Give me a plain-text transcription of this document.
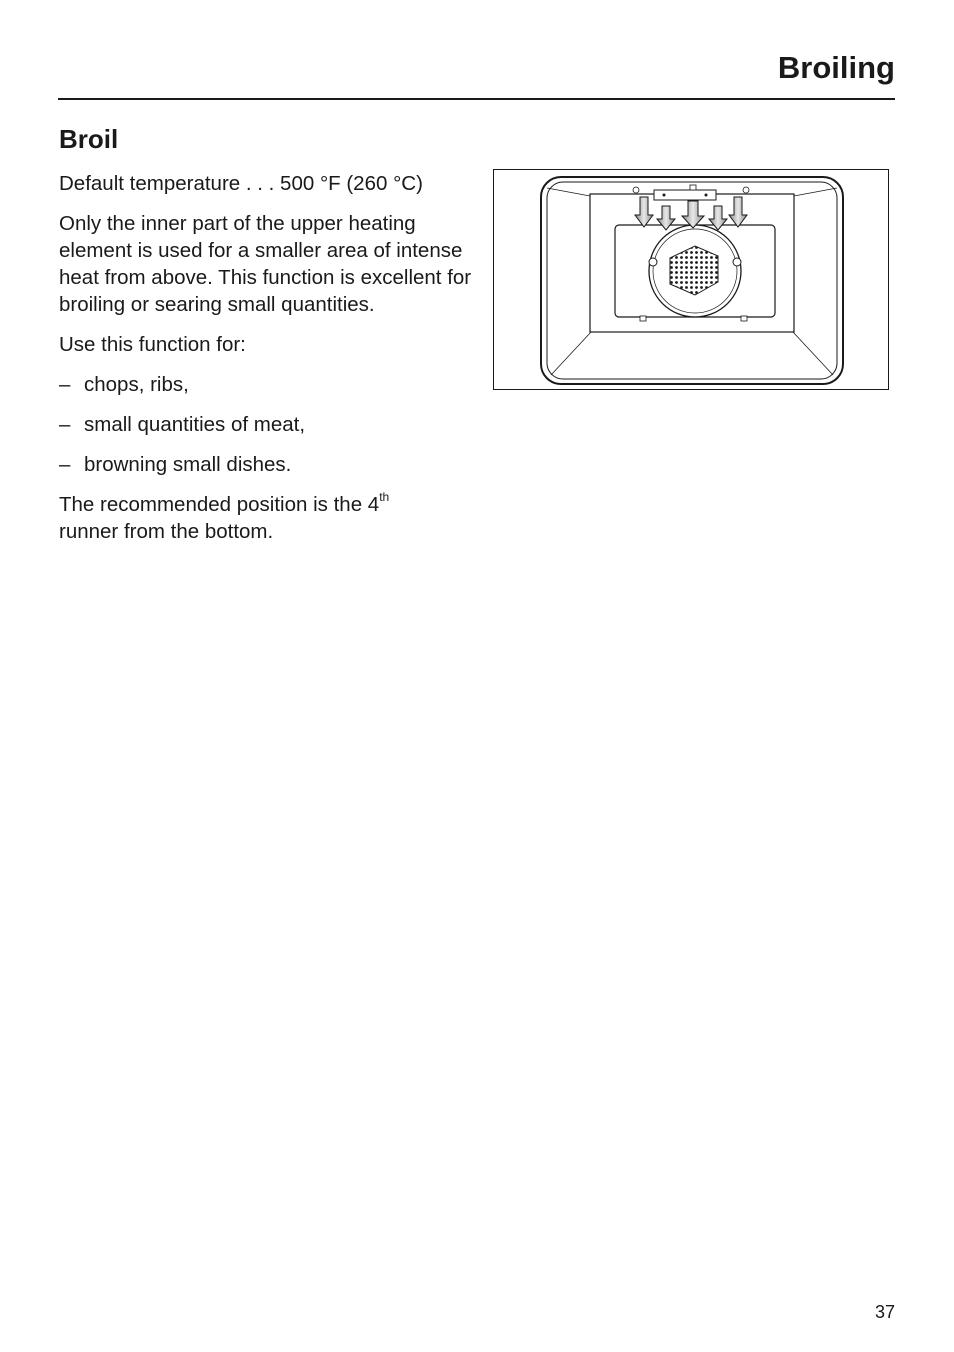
Broiling
Broil

Default temperature . . . 500 °F (260 °C)

Only the inner part of the upper heating element is used for a smaller area of intense heat from above. This function is excellent for broiling or searing small quantities.

Use this function for:

– chops, ribs,
– small quantities of meat,
– browning small dishes.

The recommended position is the 4th
runner from the bottom.

37
